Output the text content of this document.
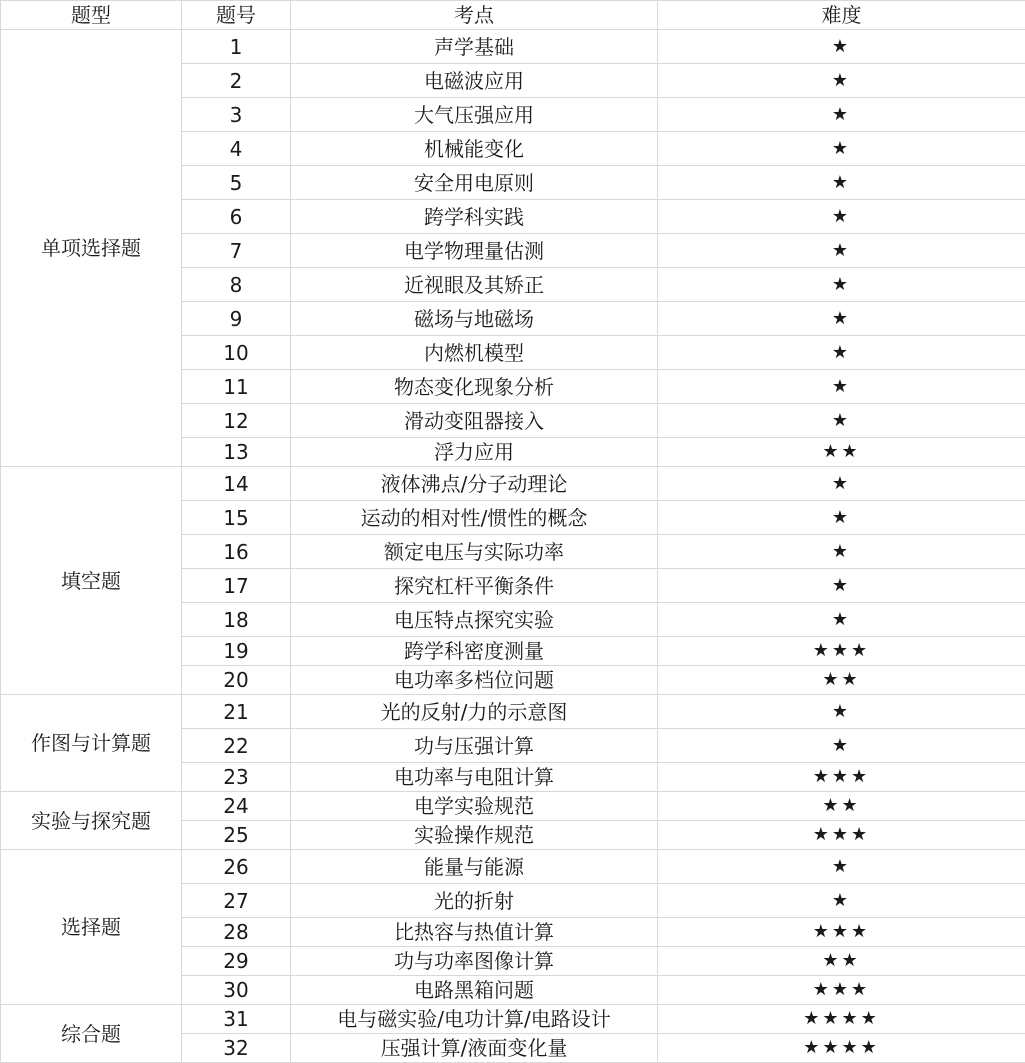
题型	题号	考点	难度
单项选择题	1	声学基础	★
	2	电磁波应用	★
	3	大气压强应用	★
	4	机械能变化	★
	5	安全用电原则	★
	6	跨学科实践	★
	7	电学物理量估测	★
	8	近视眼及其矫正	★
	9	磁场与地磁场	★
	10	内燃机模型	★
	11	物态变化现象分析	★
	12	滑动变阻器接入	★
	13	浮力应用	★★
填空题	14	液体沸点/分子动理论	★
	15	运动的相对性/惯性的概念	★
	16	额定电压与实际功率	★
	17	探究杠杆平衡条件	★
	18	电压特点探究实验	★
	19	跨学科密度测量	★★★
	20	电功率多档位问题	★★
作图与计算题	21	光的反射/力的示意图	★
	22	功与压强计算	★
	23	电功率与电阻计算	★★★
实验与探究题	24	电学实验规范	★★
	25	实验操作规范	★★★
选择题	26	能量与能源	★
	27	光的折射	★
	28	比热容与热值计算	★★★
	29	功与功率图像计算	★★
	30	电路黑箱问题	★★★
综合题	31	电与磁实验/电功计算/电路设计	★★★★
	32	压强计算/液面变化量	★★★★
